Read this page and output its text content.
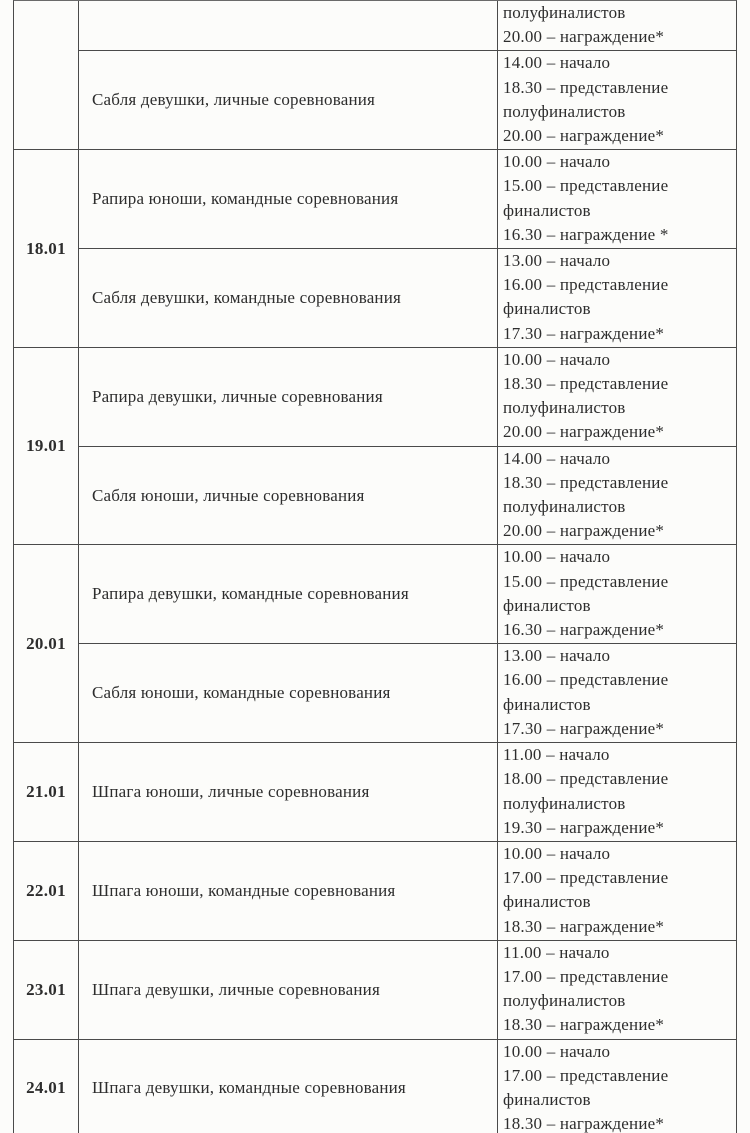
полуфиналистов
20.00 – награждение*
Сабля девушки, личные соревнования
14.00 – начало
18.30 – представление полуфиналистов
20.00 – награждение*
18.01
Рапира юноши, командные соревнования
10.00 – начало
15.00 – представление финалистов
16.30 – награждение *
Сабля девушки, командные соревнования
13.00 – начало
16.00 – представление финалистов
17.30 – награждение*
19.01
Рапира девушки, личные соревнования
10.00 – начало
18.30 – представление полуфиналистов
20.00 – награждение*
Сабля юноши, личные соревнования
14.00 – начало
18.30 – представление полуфиналистов
20.00 – награждение*
20.01
Рапира девушки, командные соревнования
10.00 – начало
15.00 – представление финалистов
16.30 – награждение*
Сабля юноши, командные соревнования
13.00 – начало
16.00 – представление финалистов
17.30 – награждение*
21.01 Шпага юноши, личные соревнования
11.00 – начало
18.00 – представление полуфиналистов
19.30 – награждение*
22.01 Шпага юноши, командные соревнования
10.00 – начало
17.00 – представление финалистов
18.30 – награждение*
23.01 Шпага девушки, личные соревнования
11.00 – начало
17.00 – представление полуфиналистов
18.30 – награждение*
24.01 Шпага девушки, командные соревнования
10.00 – начало
17.00 – представление финалистов
18.30 – награждение*
